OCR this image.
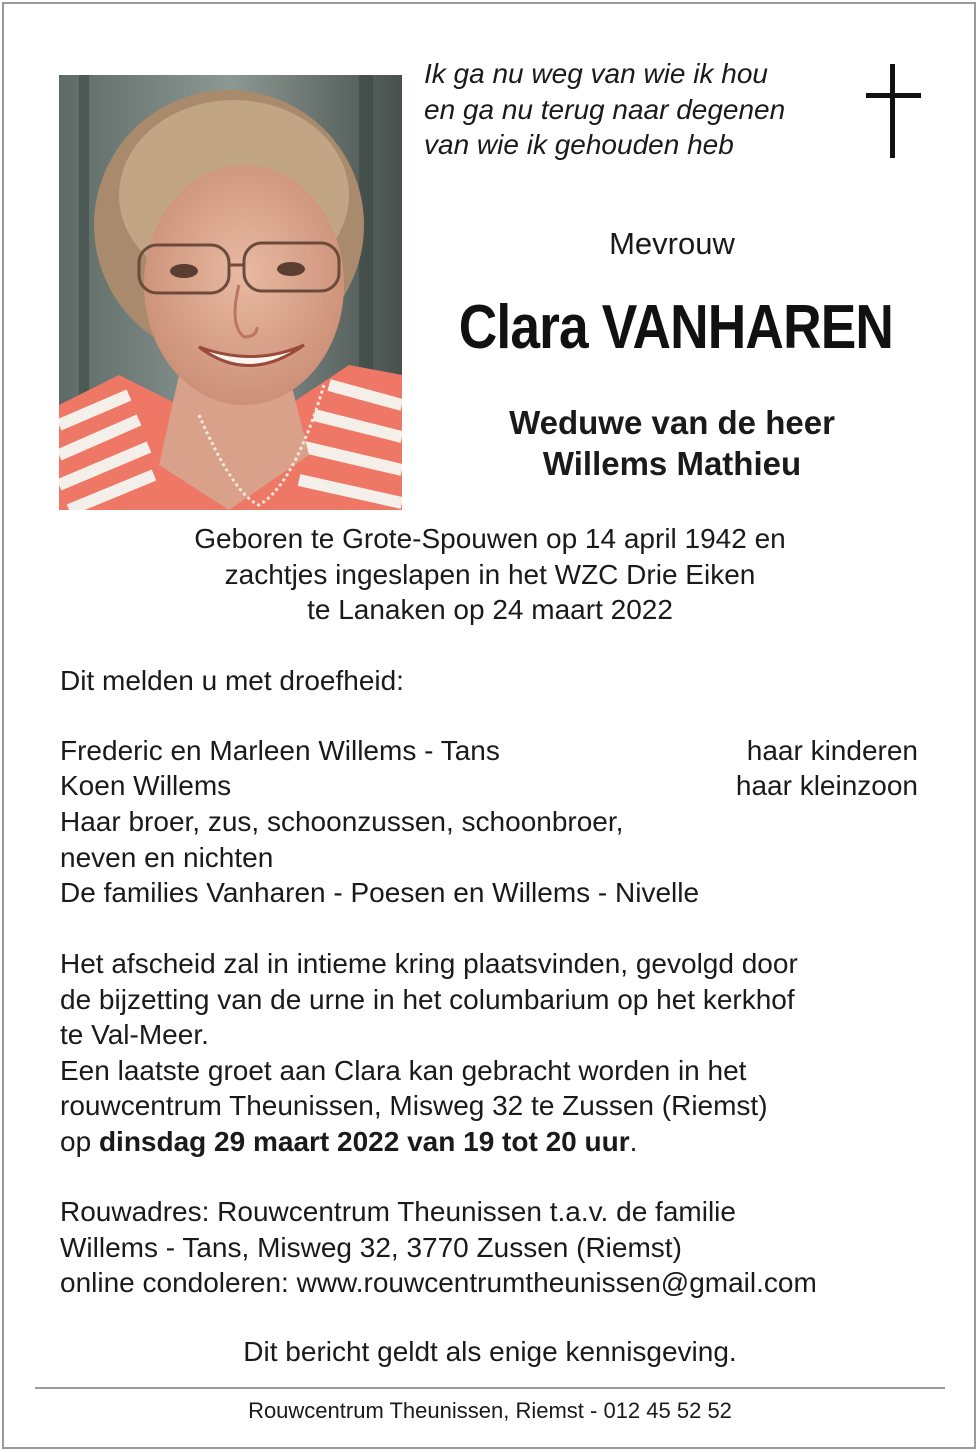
Ik ga nu weg van wie ik hou
en ga nu terug naar degenen
van wie ik gehouden heb
Mevrouw
Clara VANHAREN
Weduwe van de heer
Willems Mathieu
Geboren te Grote-Spouwen op 14 april 1942 en
zachtjes ingeslapen in het WZC Drie Eiken
te Lanaken op 24 maart 2022
Dit melden u met droefheid:
Frederic en Marleen Willems - Tans	haar kinderen
Koen Willems	haar kleinzoon
Haar broer, zus, schoonzussen, schoonbroer,
neven en nichten
De families Vanharen - Poesen en Willems - Nivelle
Het afscheid zal in intieme kring plaatsvinden, gevolgd door
de bijzetting van de urne in het columbarium op het kerkhof
te Val-Meer.
Een laatste groet aan Clara kan gebracht worden in het
rouwcentrum Theunissen, Misweg 32 te Zussen (Riemst)
op dinsdag 29 maart 2022 van 19 tot 20 uur.
Rouwadres: Rouwcentrum Theunissen t.a.v. de familie
Willems - Tans, Misweg 32, 3770 Zussen (Riemst)
online condoleren: www.rouwcentrumtheunissen@gmail.com
Dit bericht geldt als enige kennisgeving.
Rouwcentrum Theunissen, Riemst - 012 45 52 52
